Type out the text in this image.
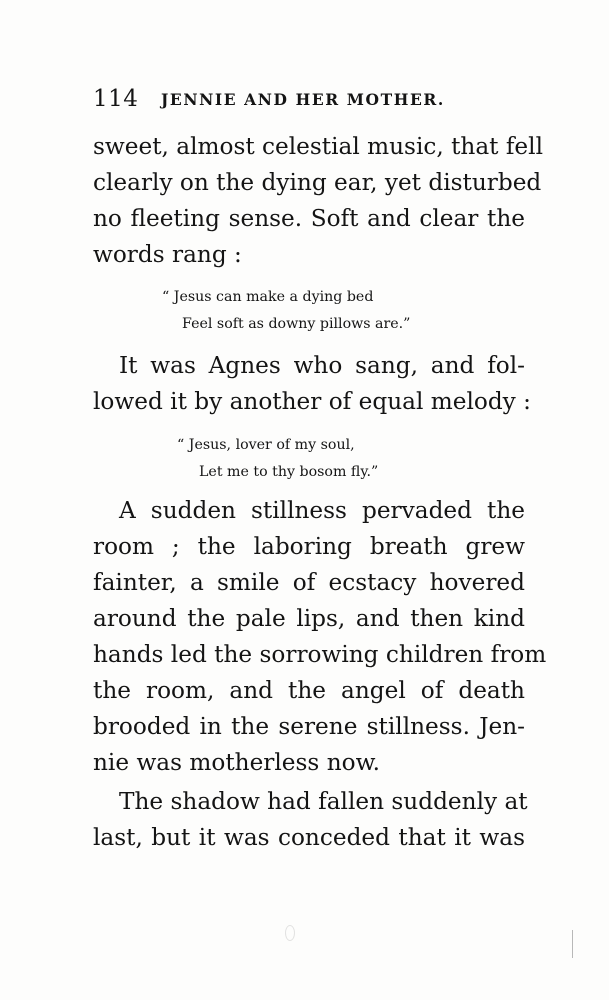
114 JENNIE AND HER MOTHER.
sweet, almost celestial music, that fell
clearly on the dying ear, yet disturbed
no fleeting sense. Soft and clear the
words rang :
“ Jesus can make a dying bed
Feel soft as downy pillows are.”
It was Agnes who sang, and fol-
lowed it by another of equal melody :
“ Jesus, lover of my soul,
Let me to thy bosom fly.”
A sudden stillness pervaded the
room ; the laboring breath grew
fainter, a smile of ecstacy hovered
around the pale lips, and then kind
hands led the sorrowing children from
the room, and the angel of death
brooded in the serene stillness. Jen-
nie was motherless now.
The shadow had fallen suddenly at
last, but it was conceded that it was
